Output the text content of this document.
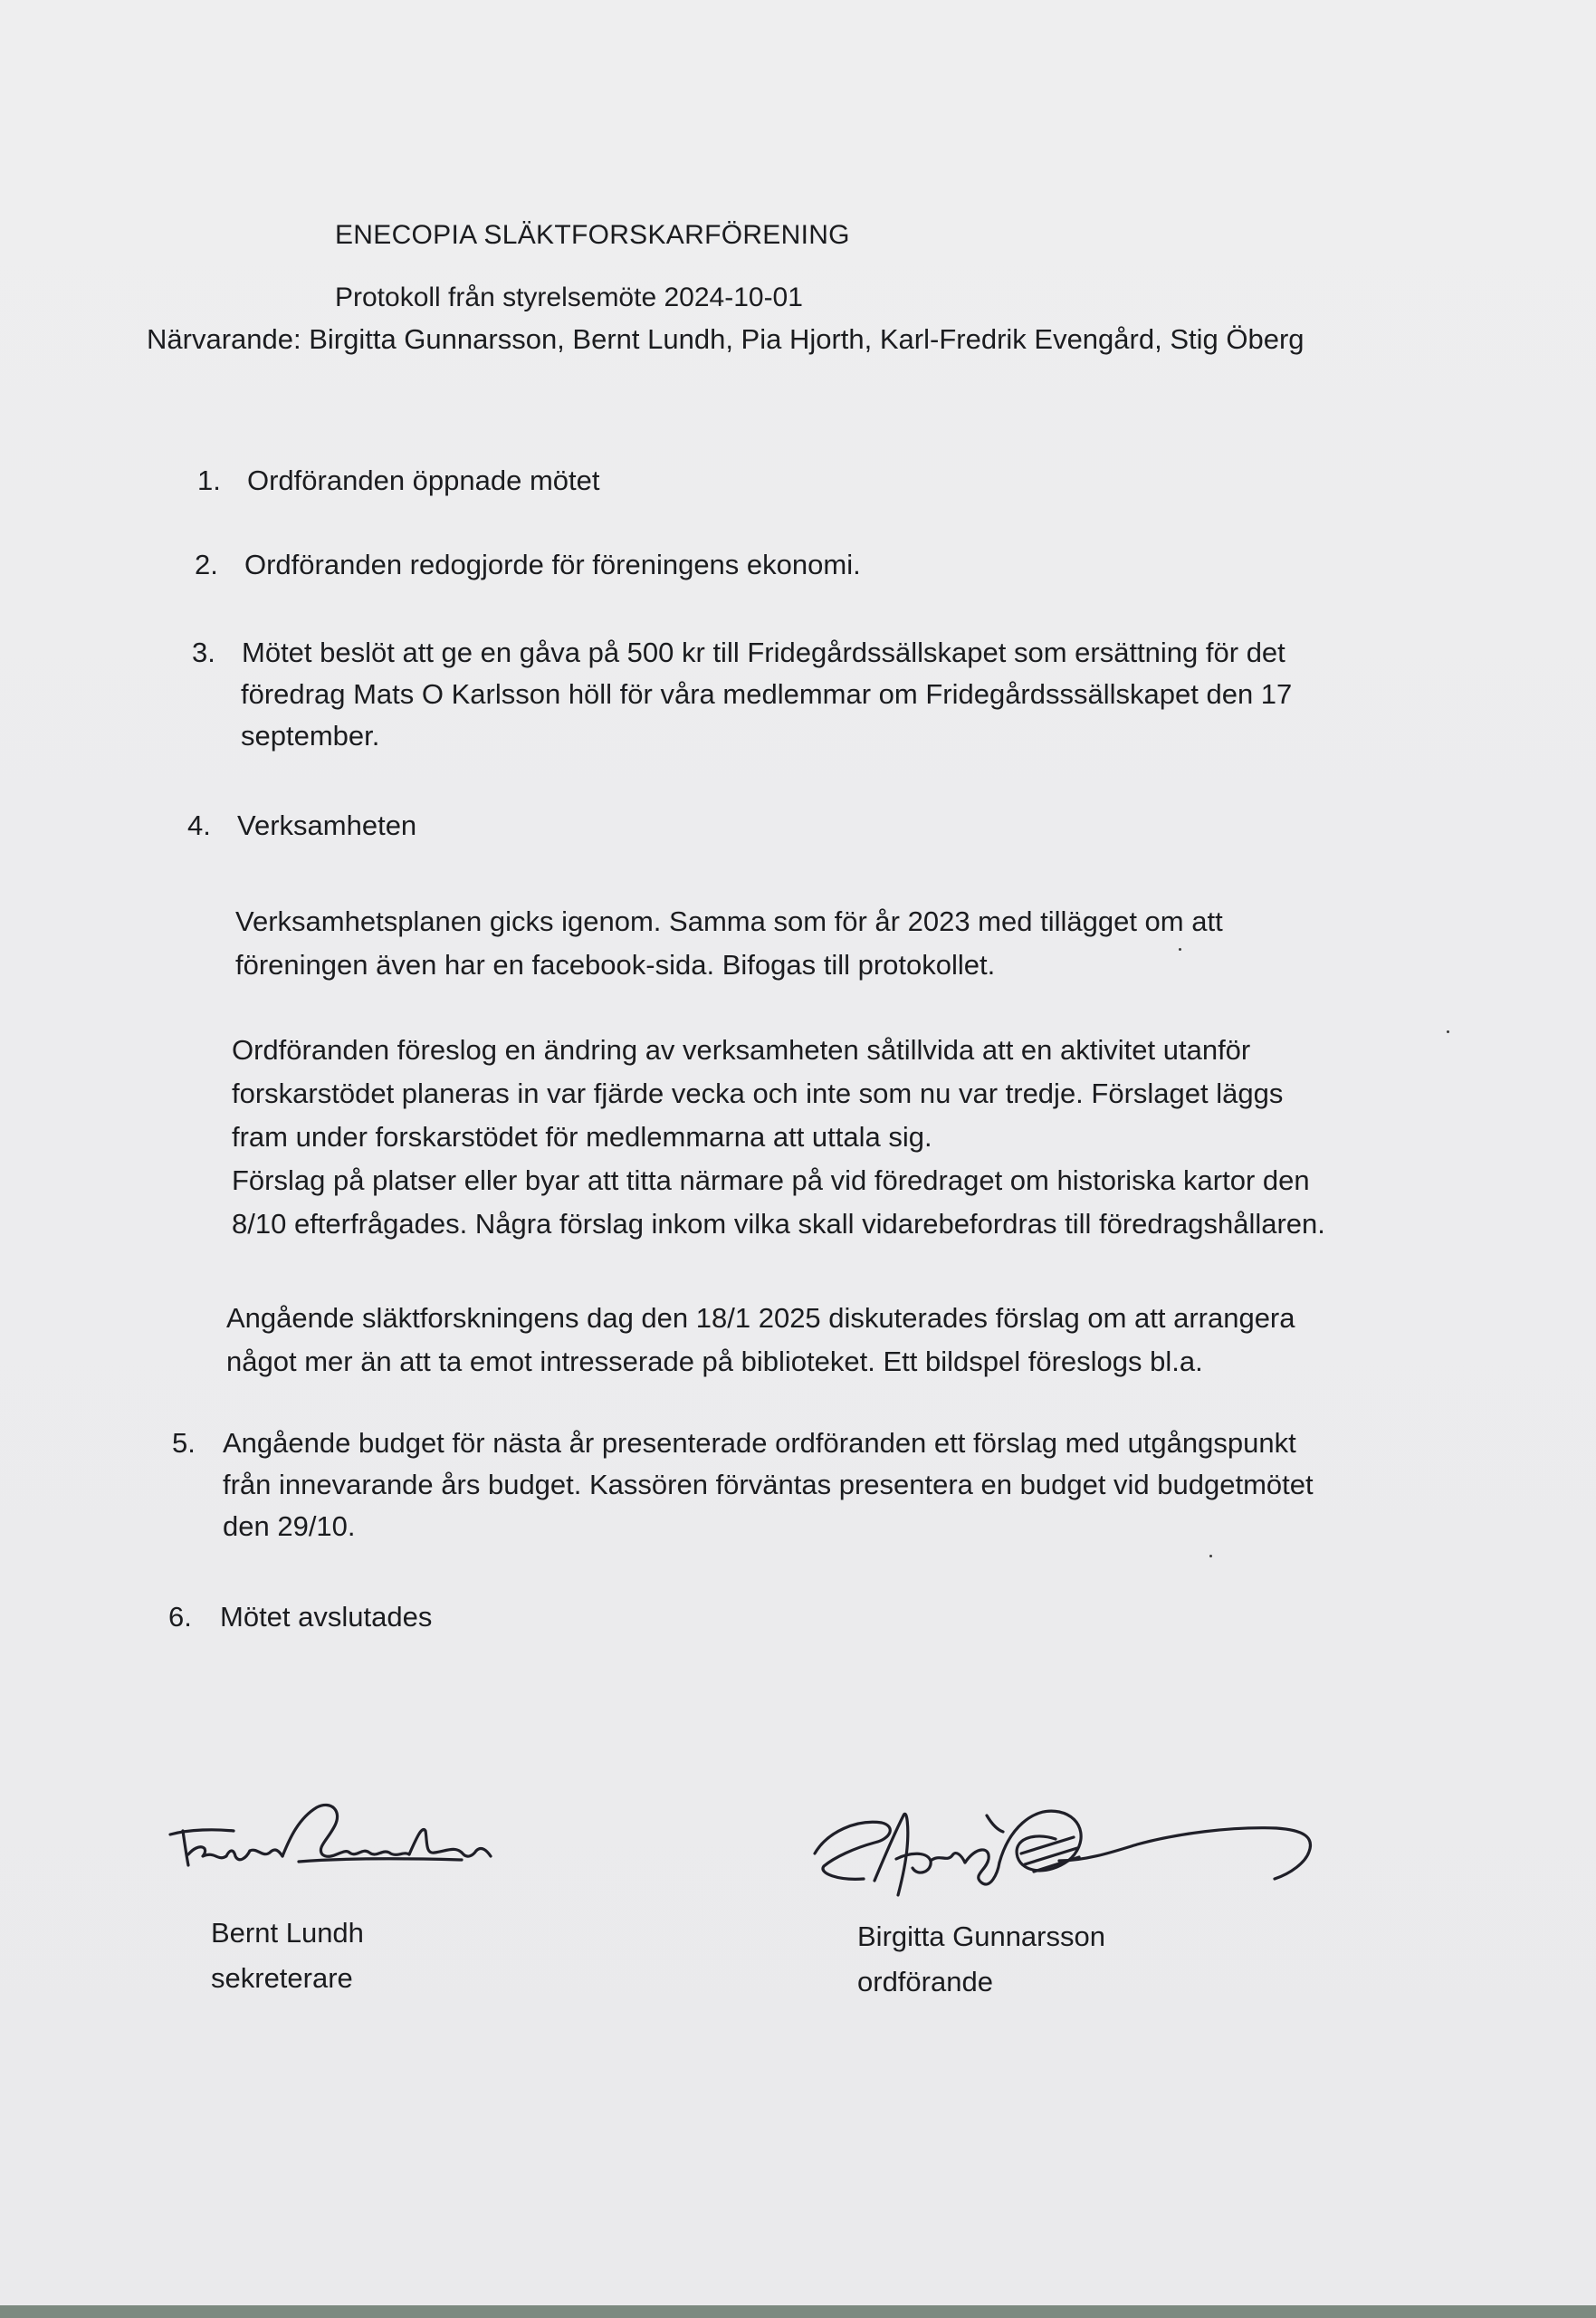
ENECOPIA SLÄKTFORSKARFÖRENING
Protokoll från styrelsemöte 2024-10-01
Närvarande: Birgitta Gunnarsson, Bernt Lundh, Pia Hjorth, Karl-Fredrik Evengård, Stig Öberg
1. Ordföranden öppnade mötet
2. Ordföranden redogjorde för föreningens ekonomi.
3. Mötet beslöt att ge en gåva på 500 kr till Fridegårdssällskapet som ersättning för det
föredrag Mats O Karlsson höll för våra medlemmar om Fridegårdsssällskapet den 17
september.
4. Verksamheten
Verksamhetsplanen gicks igenom. Samma som för år 2023 med tillägget om att
föreningen även har en facebook-sida. Bifogas till protokollet.
Ordföranden föreslog en ändring av verksamheten såtillvida att en aktivitet utanför
forskarstödet planeras in var fjärde vecka och inte som nu var tredje. Förslaget läggs
fram under forskarstödet för medlemmarna att uttala sig.
Förslag på platser eller byar att titta närmare på vid föredraget om historiska kartor den
8/10 efterfrågades. Några förslag inkom vilka skall vidarebefordras till föredragshållaren.
Angående släktforskningens dag den 18/1 2025 diskuterades förslag om att arrangera
något mer än att ta emot intresserade på biblioteket. Ett bildspel föreslogs bl.a.
5. Angående budget för nästa år presenterade ordföranden ett förslag med utgångspunkt
från innevarande års budget. Kassören förväntas presentera en budget vid budgetmötet
den 29/10.
6. Mötet avslutades
Bernt Lundh
sekreterare
Birgitta Gunnarsson
ordförande
